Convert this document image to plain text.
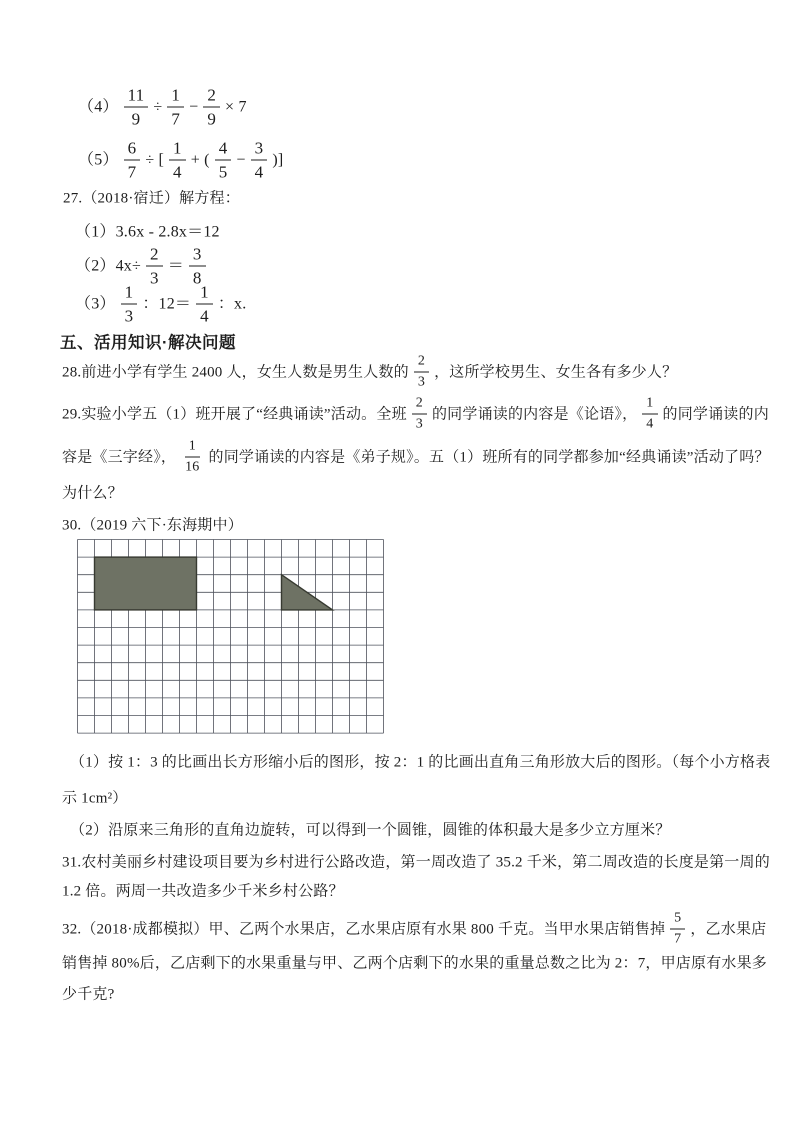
$(4) \frac{11}{9} \div \frac{1}{7} - \frac{2}{9} \times 7$
$(5) \frac{6}{7}$ ÷ [ $\frac{1}{4}$ + ( $\frac{4}{5} - \frac{3}{4}$ )]
27.（2018·宿迁）解方程：
（1）3.6x - 2.8x＝12
$(2)4x\div \frac{2}{3} = \frac{3}{8}$
$(3) \frac{1}{3}$ ：$12= \frac{1}{4}$ ：x.
五、活用知识·解决问题
28.前进小学有学生 2400 人，女生人数是男生人数的 $\frac{2}{3}$ ，这所学校男生、女生各有多少人？
29.实验小学五（1）班开展了“经典诵读”活动。全班 $\frac{2}{3}$ 的同学诵读的内容是《论语》， $\frac{1}{4}$ 的同学诵读的内
容是《三字经》， $\frac{1}{16}$ 的同学诵读的内容是《弟子规》。五（1）班所有的同学都参加“经典诵读”活动了吗？
为什么？
30.（2019 六下·东海期中）
（1）按 1：3 的比画出长方形缩小后的图形，按 2：1 的比画出直角三角形放大后的图形。（每个小方格表
示 1cm²）
（2）沿原来三角形的直角边旋转，可以得到一个圆锥，圆锥的体积最大是多少立方厘米？
31.农村美丽乡村建设项目要为乡村进行公路改造，第一周改造了 35.2 千米，第二周改造的长度是第一周的
1.2 倍。两周一共改造多少千米乡村公路？
32.（2018·成都模拟）甲、乙两个水果店，乙水果店原有水果 800 千克。当甲水果店销售掉 $\frac{5}{7}$ ，乙水果店
销售掉 80%后，乙店剩下的水果重量与甲、乙两个店剩下的水果的重量总数之比为 2：7，甲店原有水果多
少千克?
